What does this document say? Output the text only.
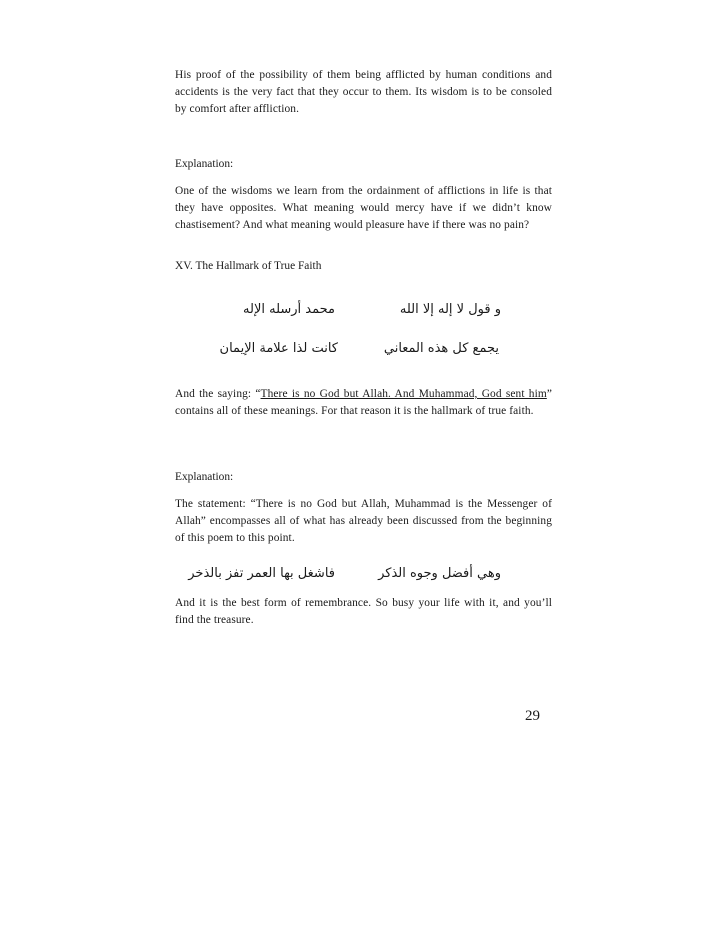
His proof of the possibility of them being afflicted by human conditions and accidents is the very fact that they occur to them. Its wisdom is to be consoled by comfort after affliction.
Explanation:
One of the wisdoms we learn from the ordainment of afflictions in life is that they have opposites. What meaning would mercy have if we didn’t know chastisement? And what meaning would pleasure have if there was no pain?
XV. The Hallmark of True Faith
و قول لا إله إلا الله
محمد أرسله الإله
يجمع كل هذه المعاني
كانت لذا علامة الإيمان
And the saying: “There is no God but Allah. And Muhammad, God sent him” contains all of these meanings. For that reason it is the hallmark of true faith.
Explanation:
The statement: “There is no God but Allah, Muhammad is the Messenger of Allah” encompasses all of what has already been discussed from the beginning of this poem to this point.
وهي أفضل وجوه الذكر
فاشغل بها العمر تفز بالذخر
And it is the best form of remembrance. So busy your life with it, and you’ll find the treasure.
29
